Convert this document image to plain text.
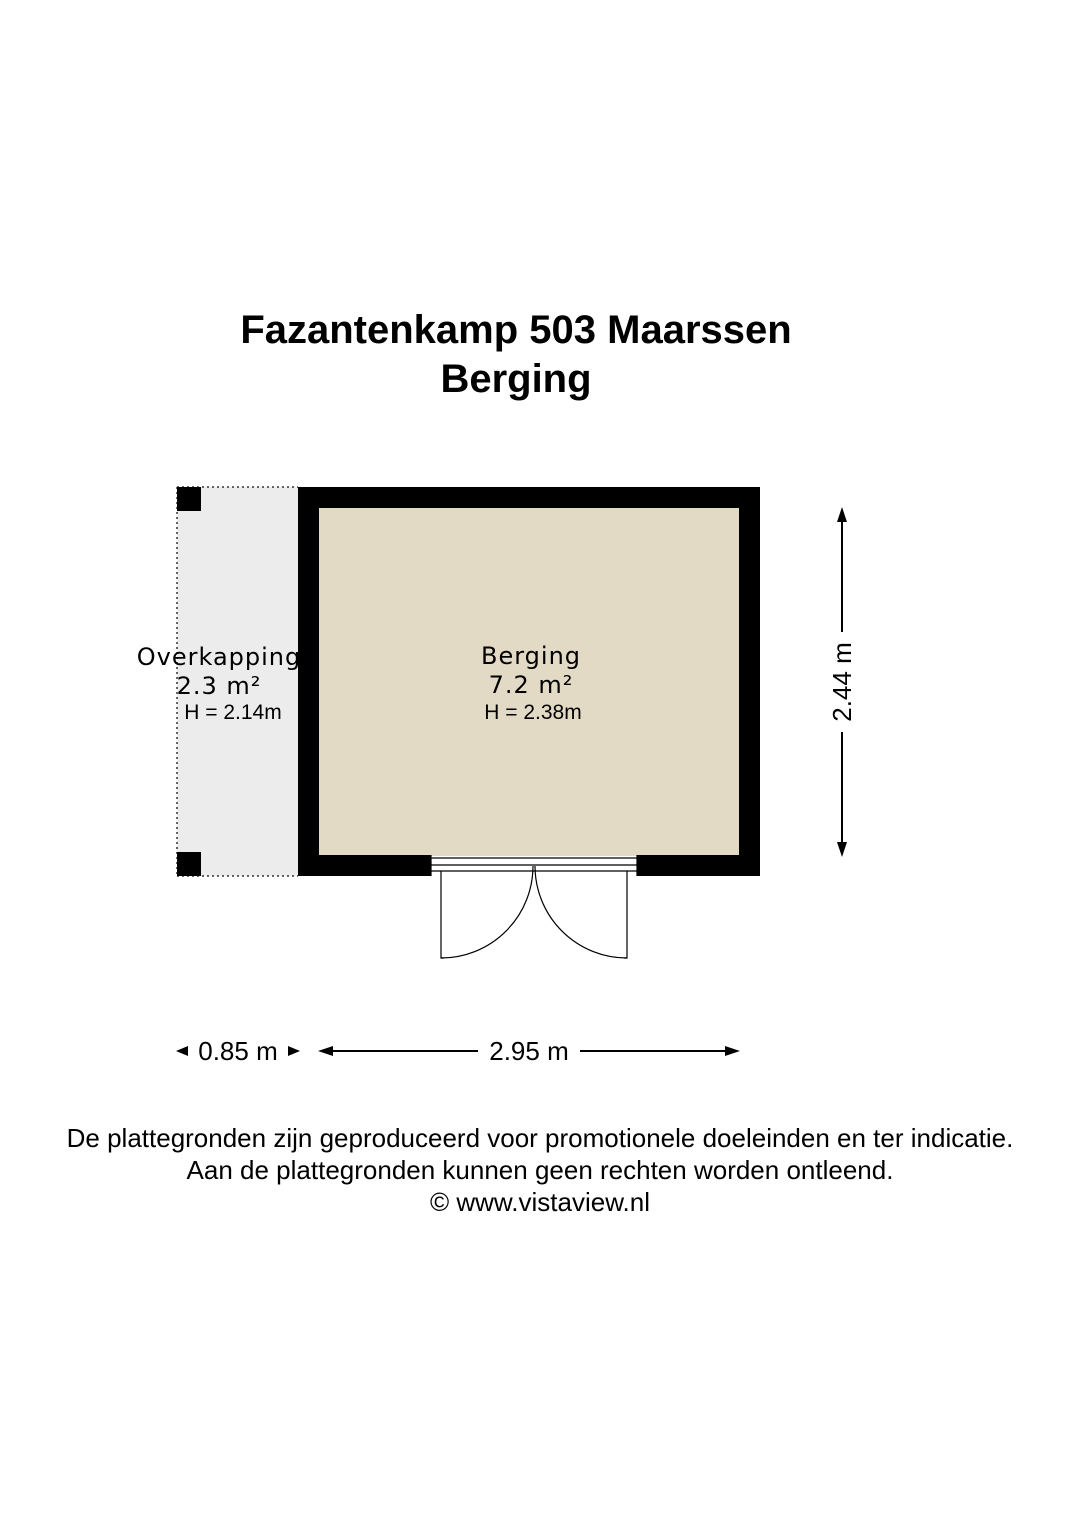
Fazantenkamp 503 Maarssen
Berging
Overkapping
2.3 m²
H = 2.14m
Berging
7.2 m²
H = 2.38m	2.44 m
0.85 m	2.95 m
De plattegronden zijn geproduceerd voor promotionele doeleinden en ter indicatie.
Aan de plattegronden kunnen geen rechten worden ontleend.
© www.vistaview.nl
